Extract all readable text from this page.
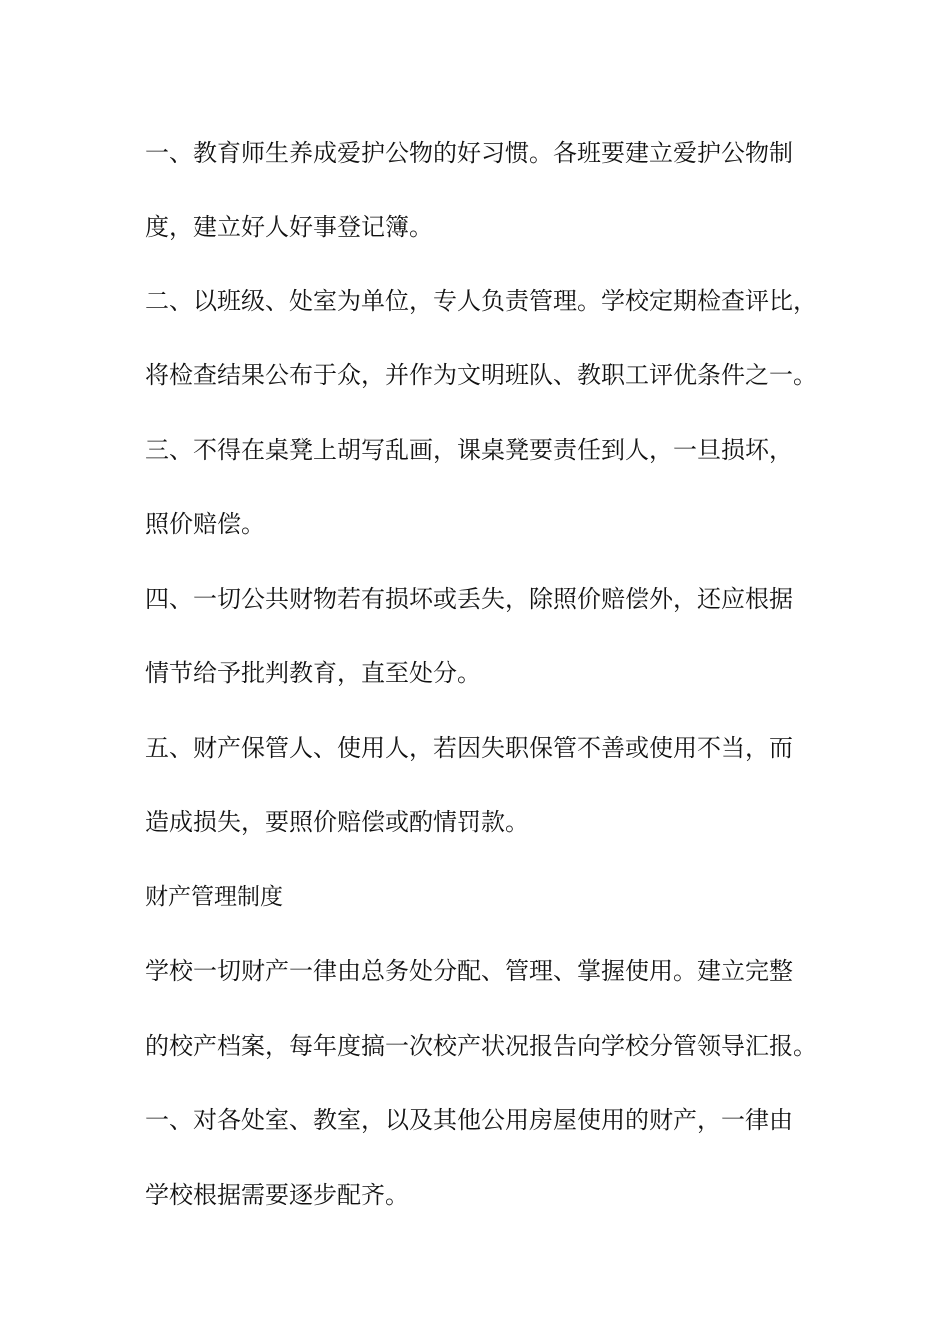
一、教育师生养成爱护公物的好习惯。各班要建立爱护公物制

度，建立好人好事登记簿。

二、以班级、处室为单位，专人负责管理。学校定期检查评比，

将检查结果公布于众，并作为文明班队、教职工评优条件之一。

三、不得在桌凳上胡写乱画，课桌凳要责任到人，一旦损坏，

照价赔偿。

四、一切公共财物若有损坏或丢失，除照价赔偿外，还应根据

情节给予批判教育，直至处分。

五、财产保管人、使用人，若因失职保管不善或使用不当，而

造成损失，要照价赔偿或酌情罚款。

财产管理制度

学校一切财产一律由总务处分配、管理、掌握使用。建立完整

的校产档案，每年度搞一次校产状况报告向学校分管领导汇报。

一、对各处室、教室，以及其他公用房屋使用的财产，一律由

学校根据需要逐步配齐。
